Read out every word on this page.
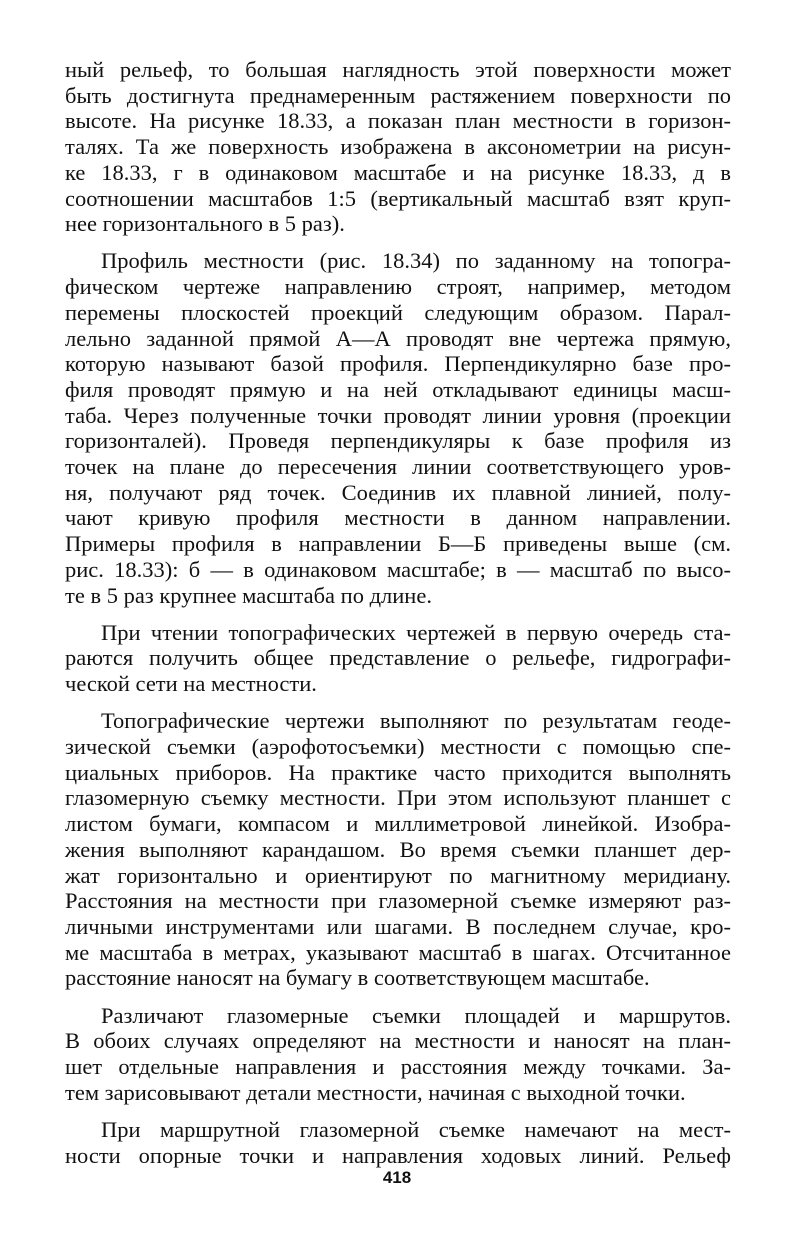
ный рельеф, то большая наглядность этой поверхности может
быть достигнута преднамеренным растяжением поверхности по
высоте. На рисунке 18.33, а показан план местности в горизон-
талях. Та же поверхность изображена в аксонометрии на рисун-
ке 18.33, г в одинаковом масштабе и на рисунке 18.33, д в
соотношении масштабов 1:5 (вертикальный масштаб взят круп-
нее горизонтального в 5 раз).
Профиль местности (рис. 18.34) по заданному на топогра-
фическом чертеже направлению строят, например, методом
перемены плоскостей проекций следующим образом. Парал-
лельно заданной прямой А—А проводят вне чертежа прямую,
которую называют базой профиля. Перпендикулярно базе про-
филя проводят прямую и на ней откладывают единицы масш-
таба. Через полученные точки проводят линии уровня (проекции
горизонталей). Проведя перпендикуляры к базе профиля из
точек на плане до пересечения линии соответствующего уров-
ня, получают ряд точек. Соединив их плавной линией, полу-
чают кривую профиля местности в данном направлении.
Примеры профиля в направлении Б—Б приведены выше (см.
рис. 18.33): б — в одинаковом масштабе; в — масштаб по высо-
те в 5 раз крупнее масштаба по длине.
При чтении топографических чертежей в первую очередь ста-
раются получить общее представление о рельефе, гидрографи-
ческой сети на местности.
Топографические чертежи выполняют по результатам геоде-
зической съемки (аэрофотосъемки) местности с помощью спе-
циальных приборов. На практике часто приходится выполнять
глазомерную съемку местности. При этом используют планшет с
листом бумаги, компасом и миллиметровой линейкой. Изобра-
жения выполняют карандашом. Во время съемки планшет дер-
жат горизонтально и ориентируют по магнитному меридиану.
Расстояния на местности при глазомерной съемке измеряют раз-
личными инструментами или шагами. В последнем случае, кро-
ме масштаба в метрах, указывают масштаб в шагах. Отсчитанное
расстояние наносят на бумагу в соответствующем масштабе.
Различают глазомерные съемки площадей и маршрутов.
В обоих случаях определяют на местности и наносят на план-
шет отдельные направления и расстояния между точками. За-
тем зарисовывают детали местности, начиная с выходной точки.
При маршрутной глазомерной съемке намечают на мест-
ности опорные точки и направления ходовых линий. Рельеф
418
